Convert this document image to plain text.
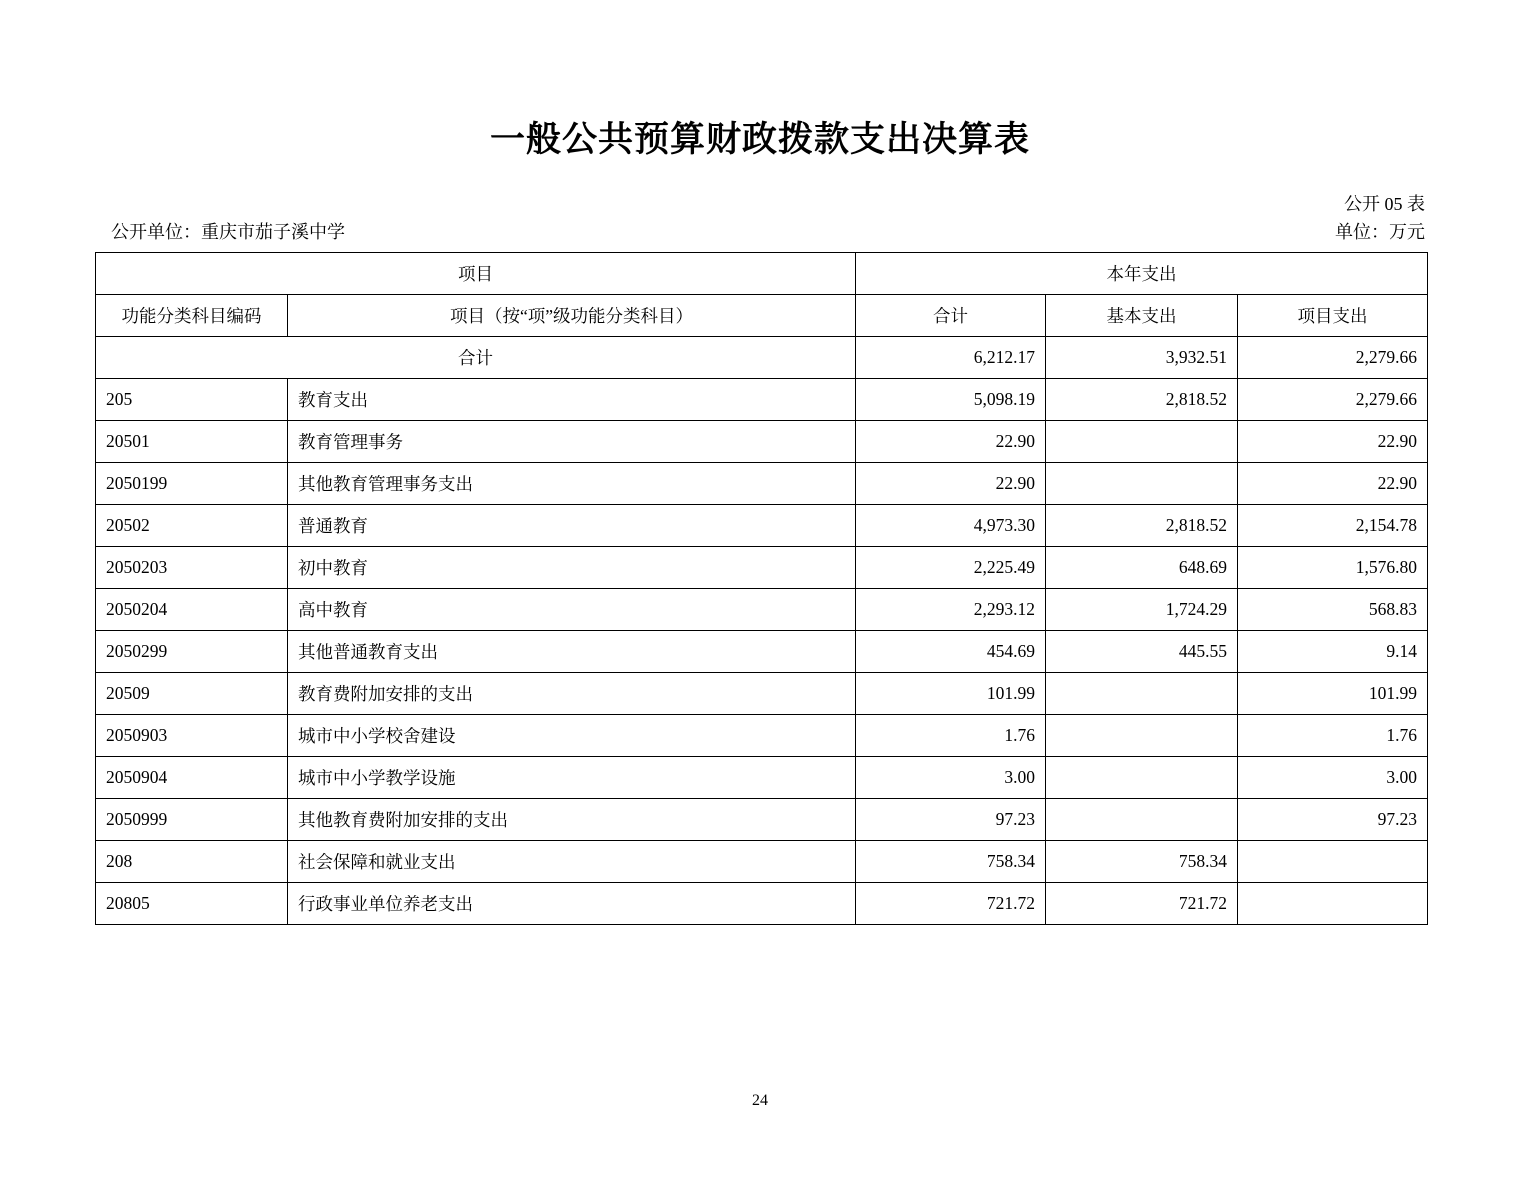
一般公共预算财政拨款支出决算表
公开 05 表
公开单位：重庆市茄子溪中学	单位：万元
项目		本年支出		
功能分类科目编码	项目（按“项”级功能分类科目）	合计	基本支出	项目支出
合计		6,212.17	3,932.51	2,279.66
205	教育支出	5,098.19	2,818.52	2,279.66
20501	教育管理事务	22.90		22.90
2050199	其他教育管理事务支出	22.90		22.90
20502	普通教育	4,973.30	2,818.52	2,154.78
2050203	初中教育	2,225.49	648.69	1,576.80
2050204	高中教育	2,293.12	1,724.29	568.83
2050299	其他普通教育支出	454.69	445.55	9.14
20509	教育费附加安排的支出	101.99		101.99
2050903	城市中小学校舍建设	1.76		1.76
2050904	城市中小学教学设施	3.00		3.00
2050999	其他教育费附加安排的支出	97.23		97.23
208	社会保障和就业支出	758.34	758.34	
20805	行政事业单位养老支出	721.72	721.72	
24
